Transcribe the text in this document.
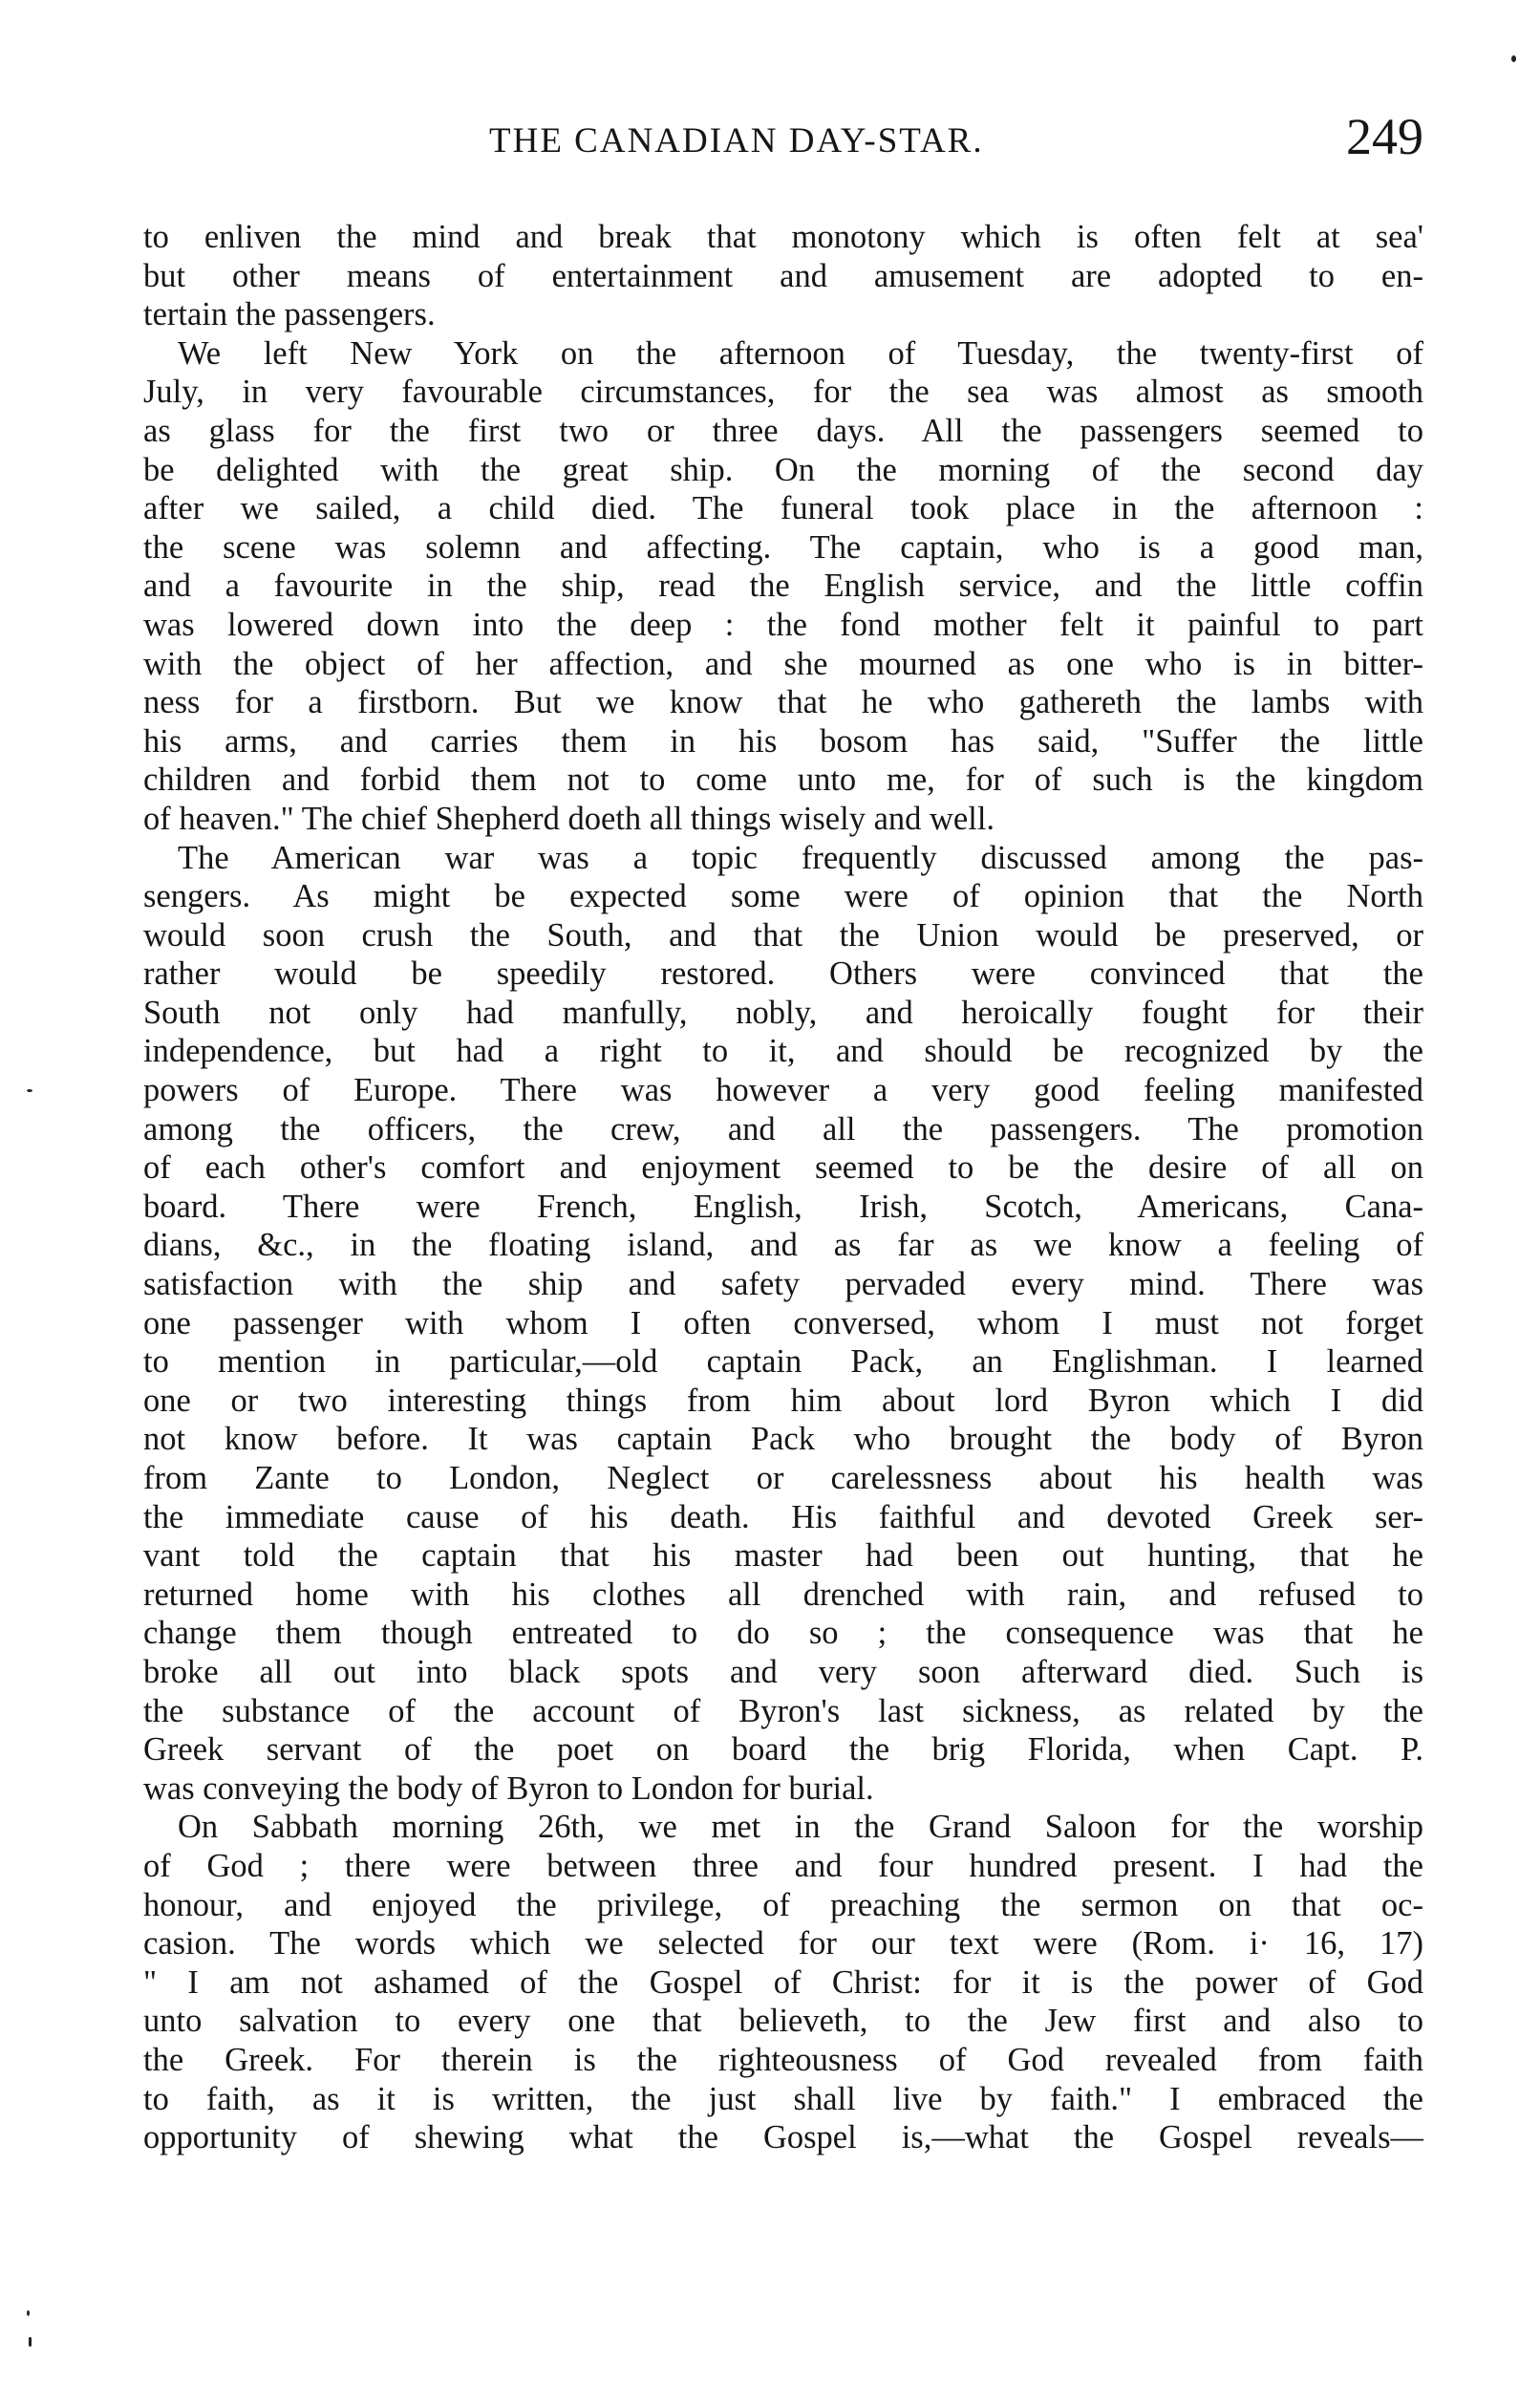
THE CANADIAN DAY-STAR.	249
to enliven the mind and break that monotony which is often felt at sea'
but other means of entertainment and amusement are adopted to en-
tertain the passengers.
We left New York on the afternoon of Tuesday, the twenty-first of
July, in very favourable circumstances, for the sea was almost as smooth
as glass for the first two or three days. All the passengers seemed to
be delighted with the great ship. On the morning of the second day
after we sailed, a child died. The funeral took place in the afternoon :
the scene was solemn and affecting. The captain, who is a good man,
and a favourite in the ship, read the English service, and the little coffin
was lowered down into the deep : the fond mother felt it painful to part
with the object of her affection, and she mourned as one who is in bitter-
ness for a firstborn. But we know that he who gathereth the lambs with
his arms, and carries them in his bosom has said, "Suffer the little
children and forbid them not to come unto me, for of such is the kingdom
of heaven." The chief Shepherd doeth all things wisely and well.
The American war was a topic frequently discussed among the pas-
sengers. As might be expected some were of opinion that the North
would soon crush the South, and that the Union would be preserved, or
rather would be speedily restored. Others were convinced that the
South not only had manfully, nobly, and heroically fought for their
independence, but had a right to it, and should be recognized by the
powers of Europe. There was however a very good feeling manifested
among the officers, the crew, and all the passengers. The promotion
of each other's comfort and enjoyment seemed to be the desire of all on
board. There were French, English, Irish, Scotch, Americans, Cana-
dians, &c., in the floating island, and as far as we know a feeling of
satisfaction with the ship and safety pervaded every mind. There was
one passenger with whom I often conversed, whom I must not forget
to mention in particular,—old captain Pack, an Englishman. I learned
one or two interesting things from him about lord Byron which I did
not know before. It was captain Pack who brought the body of Byron
from Zante to London, Neglect or carelessness about his health was
the immediate cause of his death. His faithful and devoted Greek ser-
vant told the captain that his master had been out hunting, that he
returned home with his clothes all drenched with rain, and refused to
change them though entreated to do so ; the consequence was that he
broke all out into black spots and very soon afterward died. Such is
the substance of the account of Byron's last sickness, as related by the
Greek servant of the poet on board the brig Florida, when Capt. P.
was conveying the body of Byron to London for burial.
On Sabbath morning 26th, we met in the Grand Saloon for the worship
of God ; there were between three and four hundred present. I had the
honour, and enjoyed the privilege, of preaching the sermon on that oc-
casion. The words which we selected for our text were (Rom. i· 16, 17)
" I am not ashamed of the Gospel of Christ: for it is the power of God
unto salvation to every one that believeth, to the Jew first and also to
the Greek. For therein is the righteousness of God revealed from faith
to faith, as it is written, the just shall live by faith." I embraced the
opportunity of shewing what the Gospel is,—what the Gospel reveals—
